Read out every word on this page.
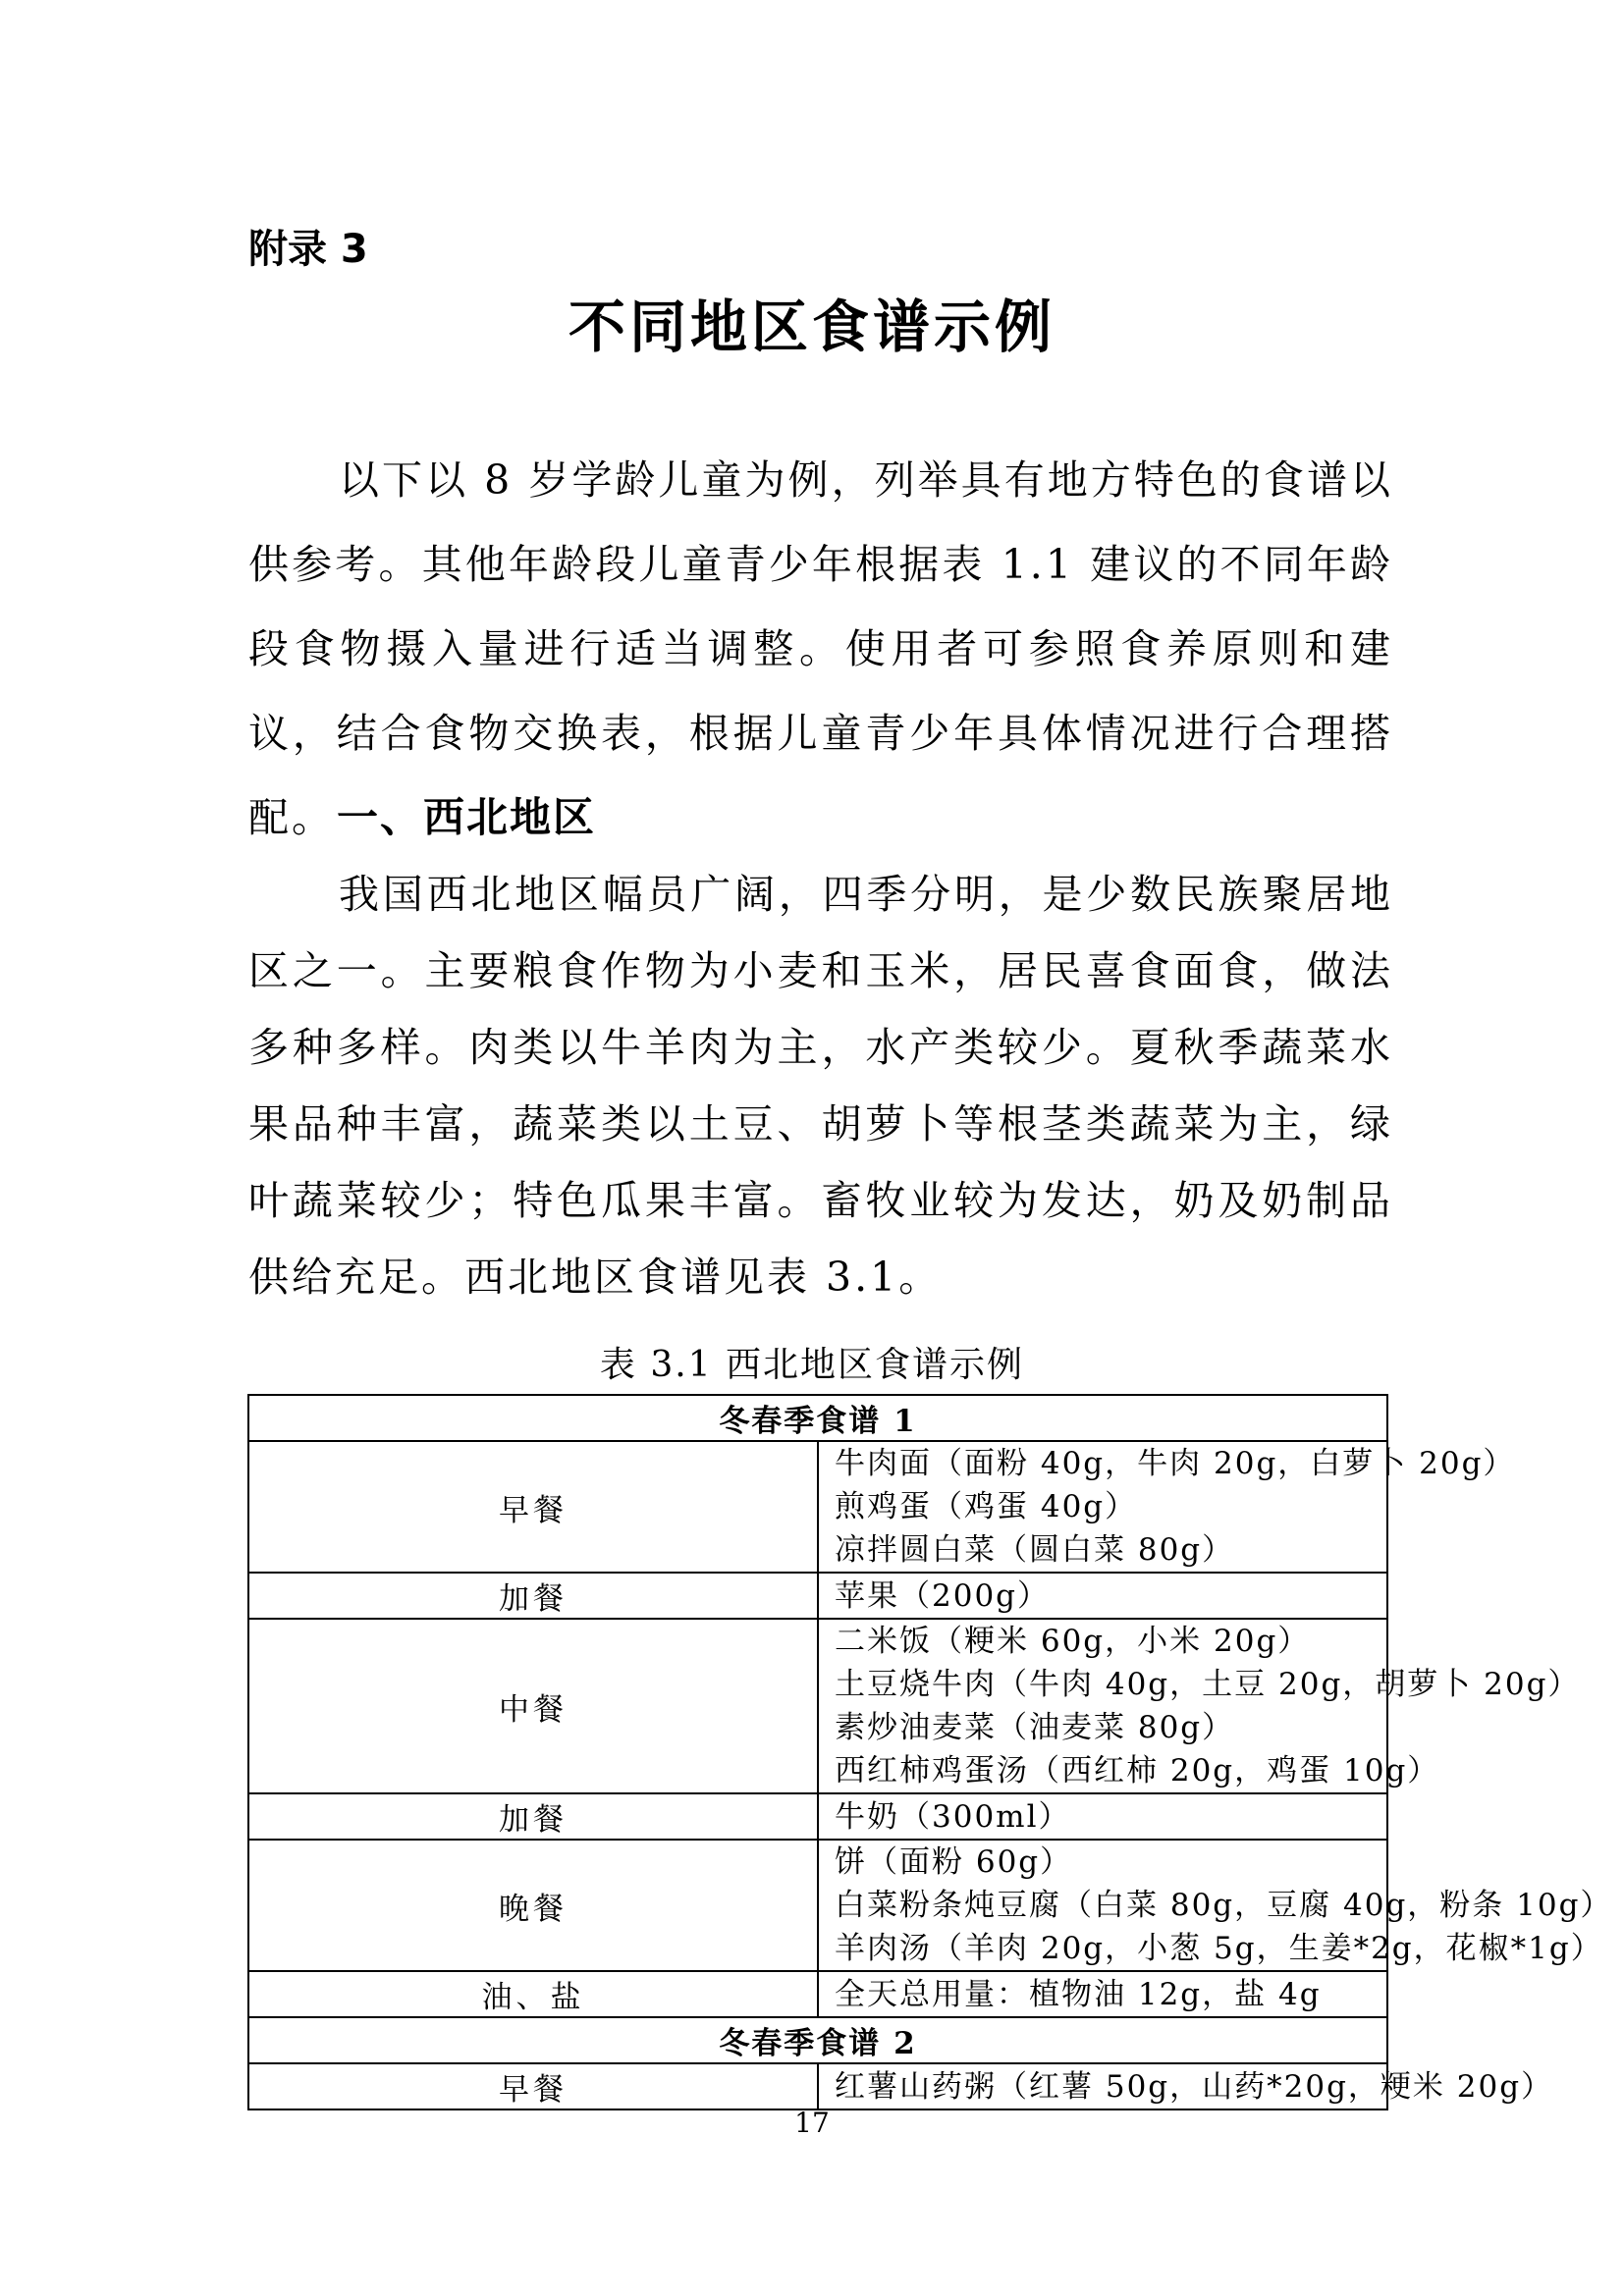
附录 3
不同地区食谱示例
以下以 8 岁学龄儿童为例，列举具有地方特色的食谱以供参考。其他年龄段儿童青少年根据表 1.1 建议的不同年龄段食物摄入量进行适当调整。使用者可参照食养原则和建议，结合食物交换表，根据儿童青少年具体情况进行合理搭配。 一、西北地区
我国西北地区幅员广阔，四季分明，是少数民族聚居地区之一。主要粮食作物为小麦和玉米，居民喜食面食，做法多种多样。肉类以牛羊肉为主，水产类较少。夏秋季蔬菜水果品种丰富，蔬菜类以土豆、胡萝卜等根茎类蔬菜为主，绿叶蔬菜较少；特色瓜果丰富。畜牧业较为发达，奶及奶制品供给充足。西北地区食谱见表 3.1。
表 3.1 西北地区食谱示例
冬春季食谱 1	
早餐	牛肉面（面粉 40g，牛肉 20g，白萝卜 20g）
煎鸡蛋（鸡蛋 40g）
凉拌圆白菜（圆白菜 80g）

加餐	苹果（200g）

中餐	二米饭（粳米 60g，小米 20g）
土豆烧牛肉（牛肉 40g，土豆 20g，胡萝卜 20g）
素炒油麦菜（油麦菜 80g）
西红柿鸡蛋汤（西红柿 20g，鸡蛋 10g）

加餐	牛奶（300ml）

晚餐	饼（面粉 60g）
白菜粉条炖豆腐（白菜 80g，豆腐 40g，粉条 10g）
羊肉汤（羊肉 20g，小葱 5g，生姜*2g，花椒*1g）

油、盐	全天总用量：植物油 12g，盐 4g

冬春季食谱 2	
早餐	红薯山药粥（红薯 50g，山药*20g，粳米 20g）
17
